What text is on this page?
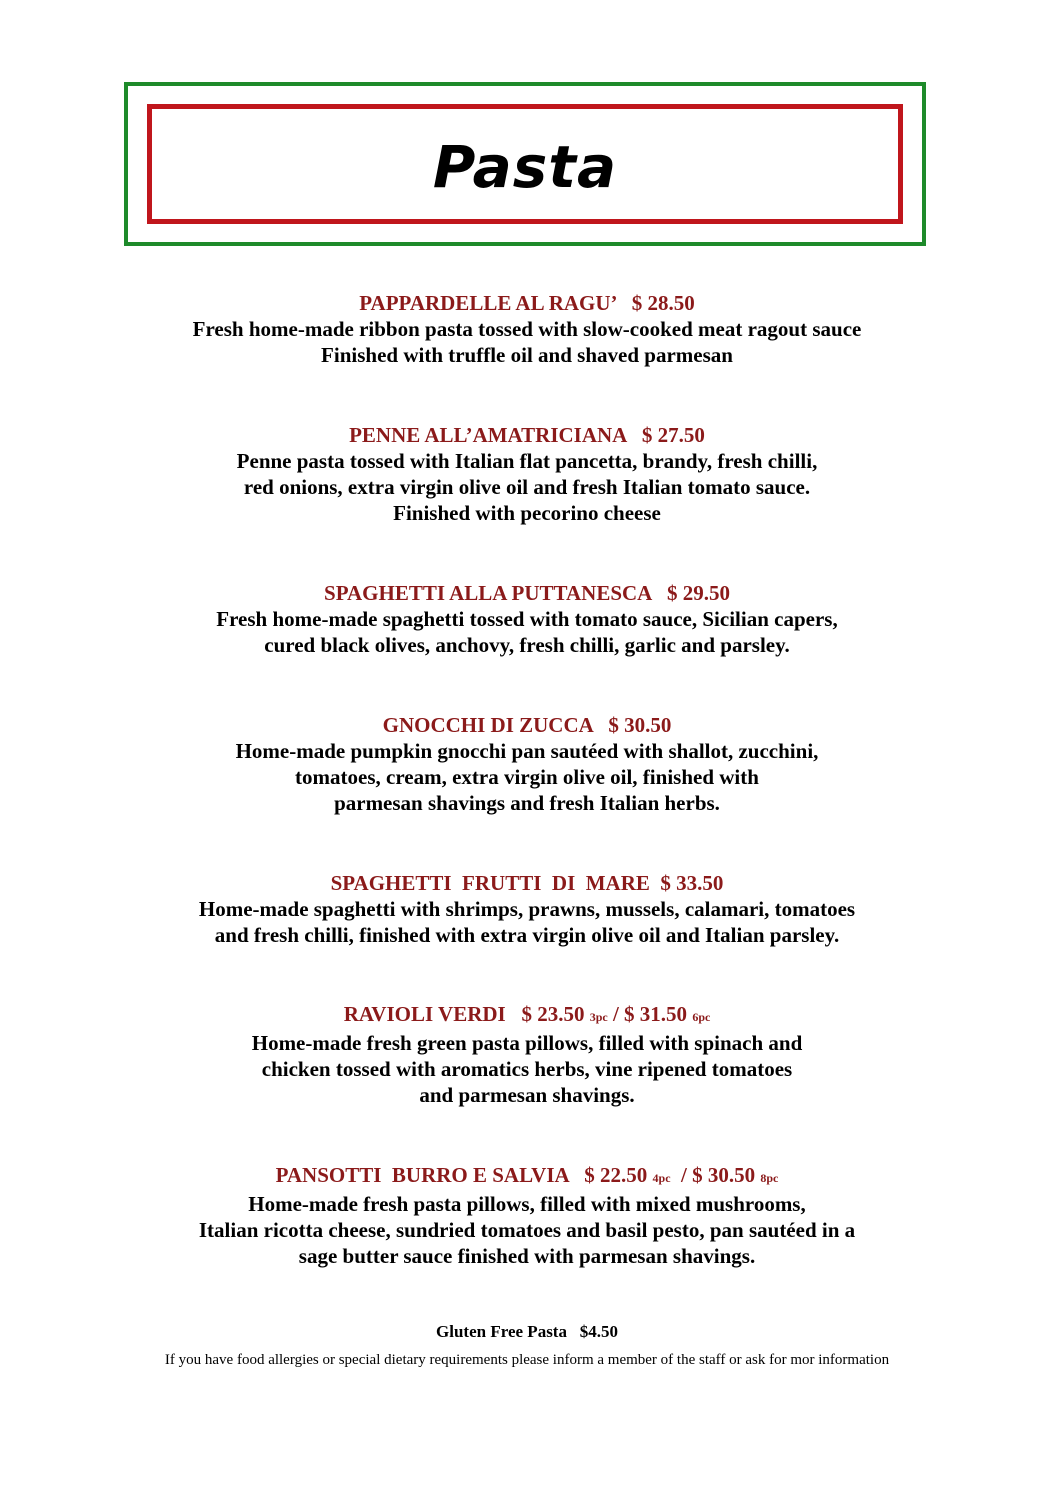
Pasta
PAPPARDELLE AL RAGU’   $ 28.50
Fresh home-made ribbon pasta tossed with slow-cooked meat ragout sauce
Finished with truffle oil and shaved parmesan
PENNE ALL’AMATRICIANA   $ 27.50
Penne pasta tossed with Italian flat pancetta, brandy, fresh chilli,
red onions, extra virgin olive oil and fresh Italian tomato sauce.
Finished with pecorino cheese
SPAGHETTI ALLA PUTTANESCA   $ 29.50
Fresh home-made spaghetti tossed with tomato sauce, Sicilian capers,
cured black olives, anchovy, fresh chilli, garlic and parsley.
GNOCCHI DI ZUCCA   $ 30.50
Home-made pumpkin gnocchi pan sautéed with shallot, zucchini,
tomatoes, cream, extra virgin olive oil, finished with
parmesan shavings and fresh Italian herbs.
SPAGHETTI  FRUTTI  DI  MARE  $ 33.50
Home-made spaghetti with shrimps, prawns, mussels, calamari, tomatoes
and fresh chilli, finished with extra virgin olive oil and Italian parsley.
RAVIOLI VERDI   $ 23.50 3pc / $ 31.50 6pc
Home-made fresh green pasta pillows, filled with spinach and
chicken tossed with aromatics herbs, vine ripened tomatoes
and parmesan shavings.
PANSOTTI  BURRO E SALVIA   $ 22.50 4pc  / $ 30.50 8pc
Home-made fresh pasta pillows, filled with mixed mushrooms,
Italian ricotta cheese, sundried tomatoes and basil pesto, pan sautéed in a
sage butter sauce finished with parmesan shavings.
Gluten Free Pasta   $4.50
If you have food allergies or special dietary requirements please inform a member of the staff or ask for mor information
